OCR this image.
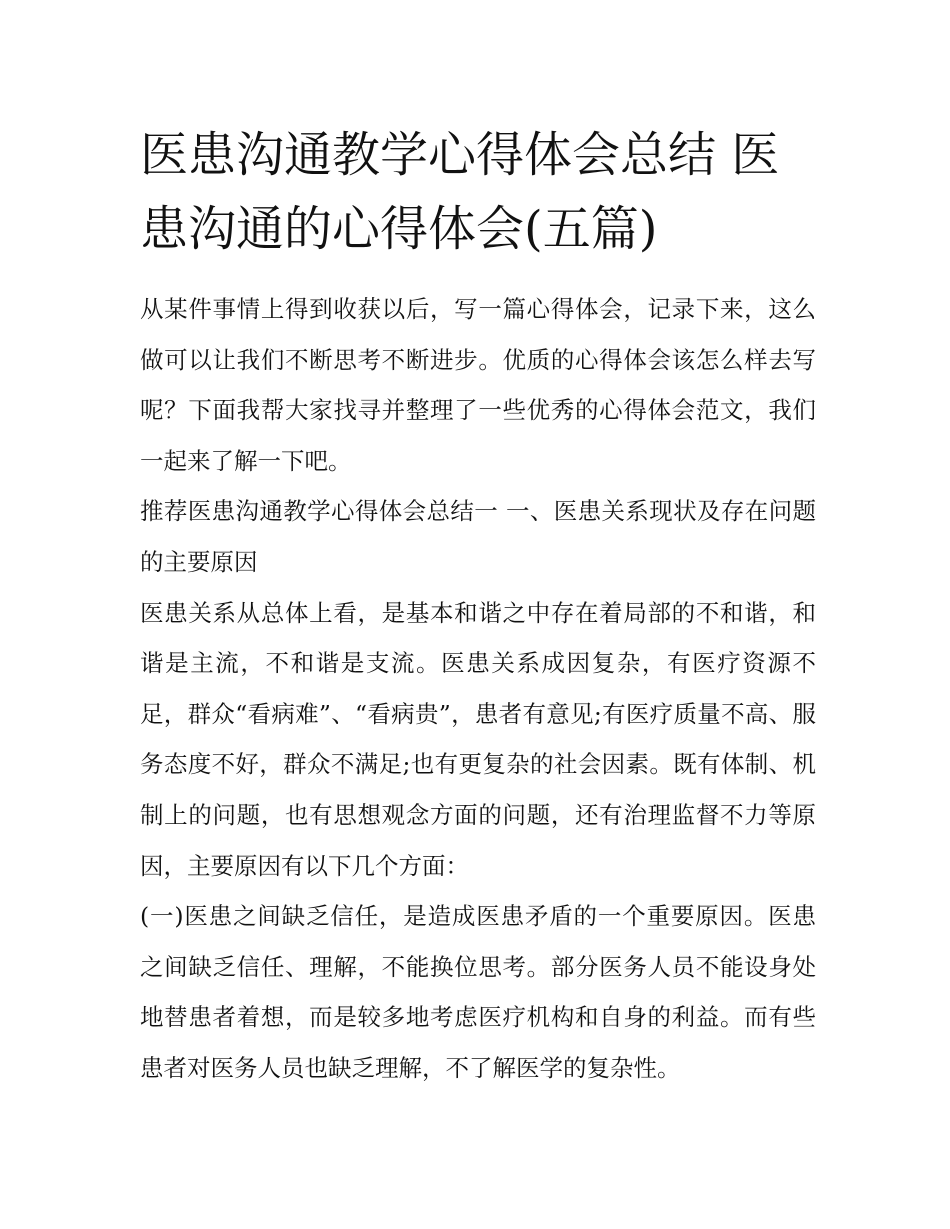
医患沟通教学心得体会总结 医患沟通的心得体会(五篇)

从某件事情上得到收获以后，写一篇心得体会，记录下来，这么做可以让我们不断思考不断进步。优质的心得体会该怎么样去写呢？下面我帮大家找寻并整理了一些优秀的心得体会范文，我们一起来了解一下吧。

推荐医患沟通教学心得体会总结一 一、医患关系现状及存在问题的主要原因

医患关系从总体上看，是基本和谐之中存在着局部的不和谐，和谐是主流，不和谐是支流。医患关系成因复杂，有医疗资源不足，群众“看病难”、“看病贵”，患者有意见;有医疗质量不高、服务态度不好，群众不满足;也有更复杂的社会因素。既有体制、机制上的问题，也有思想观念方面的问题，还有治理监督不力等原因，主要原因有以下几个方面：

(一)医患之间缺乏信任，是造成医患矛盾的一个重要原因。医患之间缺乏信任、理解，不能换位思考。部分医务人员不能设身处地替患者着想，而是较多地考虑医疗机构和自身的利益。而有些患者对医务人员也缺乏理解，不了解医学的复杂性。
